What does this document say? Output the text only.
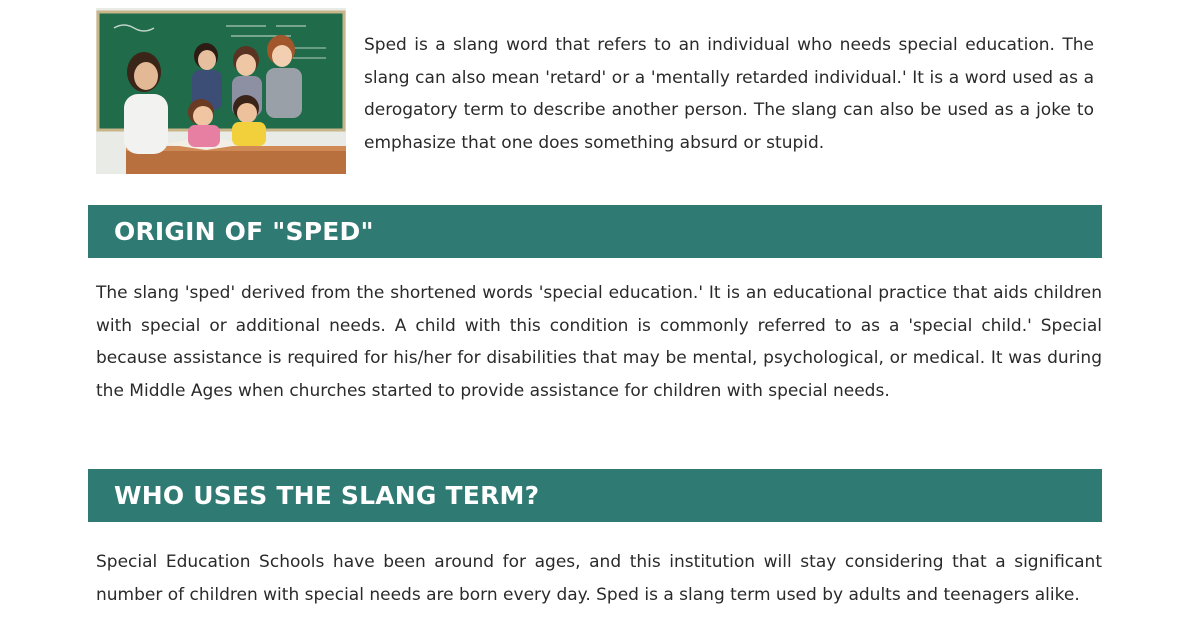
Sped is a slang word that refers to an individual who needs special education. The slang can also mean 'retard' or a 'mentally retarded individual.' It is a word used as a derogatory term to describe another person. The slang can also be used as a joke to emphasize that one does something absurd or stupid.

ORIGIN OF "SPED"

The slang 'sped' derived from the shortened words 'special education.' It is an educational practice that aids children with special or additional needs. A child with this condition is commonly referred to as a 'special child.' Special because assistance is required for his/her for disabilities that may be mental, psychological, or medical. It was during the Middle Ages when churches started to provide assistance for children with special needs.

WHO USES THE SLANG TERM?

Special Education Schools have been around for ages, and this institution will stay considering that a significant number of children with special needs are born every day. Sped is a slang term used by adults and teenagers alike.
